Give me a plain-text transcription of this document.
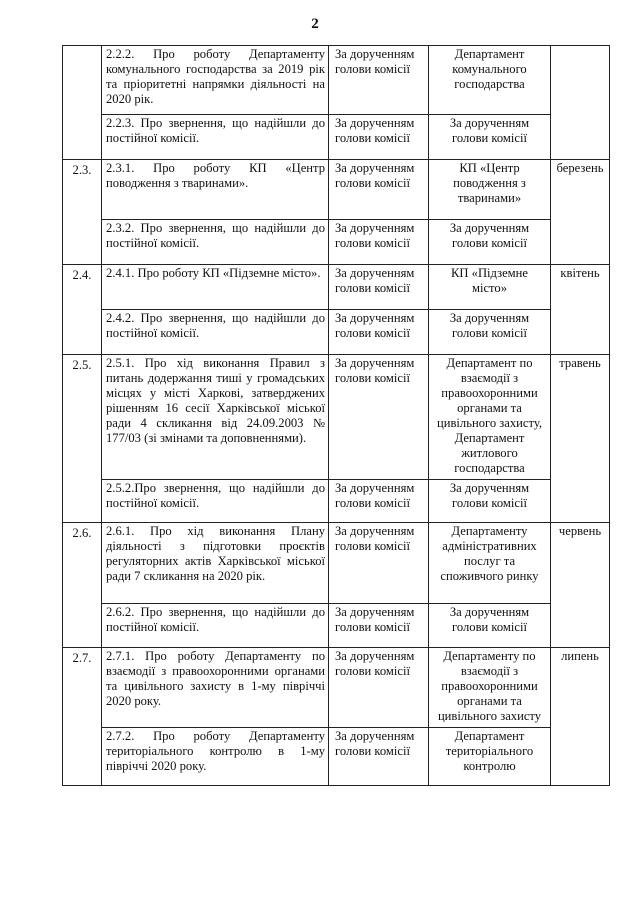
2
	2.2.2. Про роботу Департаменту комунального господарства за 2019 рік та пріоритетні напрямки діяльності на 2020 рік.	За дорученням голови комісії	Департамент комунального господарства	
	2.2.3. Про звернення, що надійшли до постійної комісії.	За дорученням голови комісії	За дорученням голови комісії	
2.3.	2.3.1. Про роботу КП «Центр поводження з тваринами».	За дорученням голови комісії	КП «Центр поводження з тваринами»	березень
	2.3.2. Про звернення, що надійшли до постійної комісії.	За дорученням голови комісії	За дорученням голови комісії	
2.4.	2.4.1. Про роботу КП «Підземне місто».	За дорученням голови комісії	КП «Підземне місто»	квітень
	2.4.2. Про звернення, що надійшли до постійної комісії.	За дорученням голови комісії	За дорученням голови комісії	
2.5.	2.5.1. Про хід виконання Правил з питань додержання тиші у громадських місцях у місті Харкові, затверджених рішенням 16 сесії Харківської міської ради 4 скликання від 24.09.2003 № 177/03 (зі змінами та доповненнями).	За дорученням голови комісії	Департамент по взаємодії з правоохоронними органами та цивільного захисту, Департамент житлового господарства	травень
	2.5.2.Про звернення, що надійшли до постійної комісії.	За дорученням голови комісії	За дорученням голови комісії	
2.6.	2.6.1. Про хід виконання Плану діяльності з підготовки проєктів регуляторних актів Харківської міської ради 7 скликання на 2020 рік.	За дорученням голови комісії	Департаменту адміністративних послуг та споживчого ринку	червень
	2.6.2. Про звернення, що надійшли до постійної комісії.	За дорученням голови комісії	За дорученням голови комісії	
2.7.	2.7.1. Про роботу Департаменту по взаємодії з правоохоронними органами та цивільного захисту в 1-му півріччі 2020 року.	За дорученням голови комісії	Департаменту по взаємодії з правоохоронними органами та цивільного захисту	липень
	2.7.2. Про роботу Департаменту територіального контролю в 1-му півріччі 2020 року.	За дорученням голови комісії	Департамент територіального контролю	
